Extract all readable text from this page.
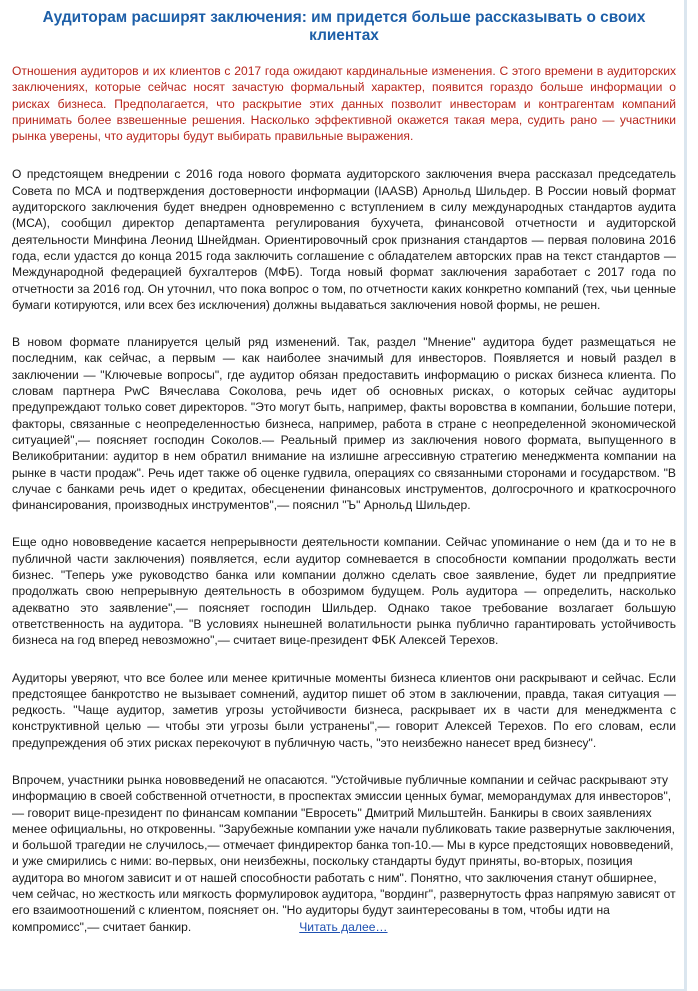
Аудиторам расширят заключения: им придется больше рассказывать о своих клиентах
Отношения аудиторов и их клиентов с 2017 года ожидают кардинальные изменения. С этого времени в аудиторских заключениях, которые сейчас носят зачастую формальный характер, появится гораздо больше информации о рисках бизнеса. Предполагается, что раскрытие этих данных позволит инвесторам и контрагентам компаний принимать более взвешенные решения. Насколько эффективной окажется такая мера, судить рано — участники рынка уверены, что аудиторы будут выбирать правильные выражения.
О предстоящем внедрении с 2016 года нового формата аудиторского заключения вчера рассказал председатель Совета по МСА и подтверждения достоверности информации (IAASB) Арнольд Шильдер. В России новый формат аудиторского заключения будет внедрен одновременно с вступлением в силу международных стандартов аудита (МСА), сообщил директор департамента регулирования бухучета, финансовой отчетности и аудиторской деятельности Минфина Леонид Шнейдман. Ориентировочный срок признания стандартов — первая половина 2016 года, если удастся до конца 2015 года заключить соглашение с обладателем авторских прав на текст стандартов — Международной федерацией бухгалтеров (МФБ). Тогда новый формат заключения заработает с 2017 года по отчетности за 2016 год. Он уточнил, что пока вопрос о том, по отчетности каких конкретно компаний (тех, чьи ценные бумаги котируются, или всех без исключения) должны выдаваться заключения новой формы, не решен.
В новом формате планируется целый ряд изменений. Так, раздел "Мнение" аудитора будет размещаться не последним, как сейчас, а первым — как наиболее значимый для инвесторов. Появляется и новый раздел в заключении — "Ключевые вопросы", где аудитор обязан предоставить информацию о рисках бизнеса клиента. По словам партнера PwC Вячеслава Соколова, речь идет об основных рисках, о которых сейчас аудиторы предупреждают только совет директоров. "Это могут быть, например, факты воровства в компании, большие потери, факторы, связанные с неопределенностью бизнеса, например, работа в стране с неопределенной экономической ситуацией",— поясняет господин Соколов.— Реальный пример из заключения нового формата, выпущенного в Великобритании: аудитор в нем обратил внимание на излишне агрессивную стратегию менеджмента компании на рынке в части продаж". Речь идет также об оценке гудвила, операциях со связанными сторонами и государством. "В случае с банками речь идет о кредитах, обесценении финансовых инструментов, долгосрочного и краткосрочного финансирования, производных инструментов",— пояснил "Ъ" Арнольд Шильдер.
Еще одно нововведение касается непрерывности деятельности компании. Сейчас упоминание о нем (да и то не в публичной части заключения) появляется, если аудитор сомневается в способности компании продолжать вести бизнес. "Теперь уже руководство банка или компании должно сделать свое заявление, будет ли предприятие продолжать свою непрерывную деятельность в обозримом будущем. Роль аудитора — определить, насколько адекватно это заявление",— поясняет господин Шильдер. Однако такое требование возлагает большую ответственность на аудитора. "В условиях нынешней волатильности рынка публично гарантировать устойчивость бизнеса на год вперед невозможно",— считает вице-президент ФБК Алексей Терехов.
Аудиторы уверяют, что все более или менее критичные моменты бизнеса клиентов они раскрывают и сейчас. Если предстоящее банкротство не вызывает сомнений, аудитор пишет об этом в заключении, правда, такая ситуация — редкость. "Чаще аудитор, заметив угрозы устойчивости бизнеса, раскрывает их в части для менеджмента с конструктивной целью — чтобы эти угрозы были устранены",— говорит Алексей Терехов. По его словам, если предупреждения об этих рисках перекочуют в публичную часть, "это неизбежно нанесет вред бизнесу".
Впрочем, участники рынка нововведений не опасаются. "Устойчивые публичные компании и сейчас раскрывают эту информацию в своей собственной отчетности, в проспектах эмиссии ценных бумаг, меморандумах для инвесторов",— говорит вице-президент по финансам компании "Евросеть" Дмитрий Мильштейн. Банкиры в своих заявлениях менее официальны, но откровенны. "Зарубежные компании уже начали публиковать такие развернутые заключения, и большой трагедии не случилось,— отмечает финдиректор банка топ-10.— Мы в курсе предстоящих нововведений, и уже смирились с ними: во-первых, они неизбежны, поскольку стандарты будут приняты, во-вторых, позиция аудитора во многом зависит и от нашей способности работать с ним". Понятно, что заключения станут обширнее, чем сейчас, но жесткость или мягкость формулировок аудитора, "вординг", развернутость фраз напрямую зависят от его взаимоотношений с клиентом, поясняет он. "Но аудиторы будут заинтересованы в том, чтобы идти на компромисс",— считает банкир.	Читать далее…
